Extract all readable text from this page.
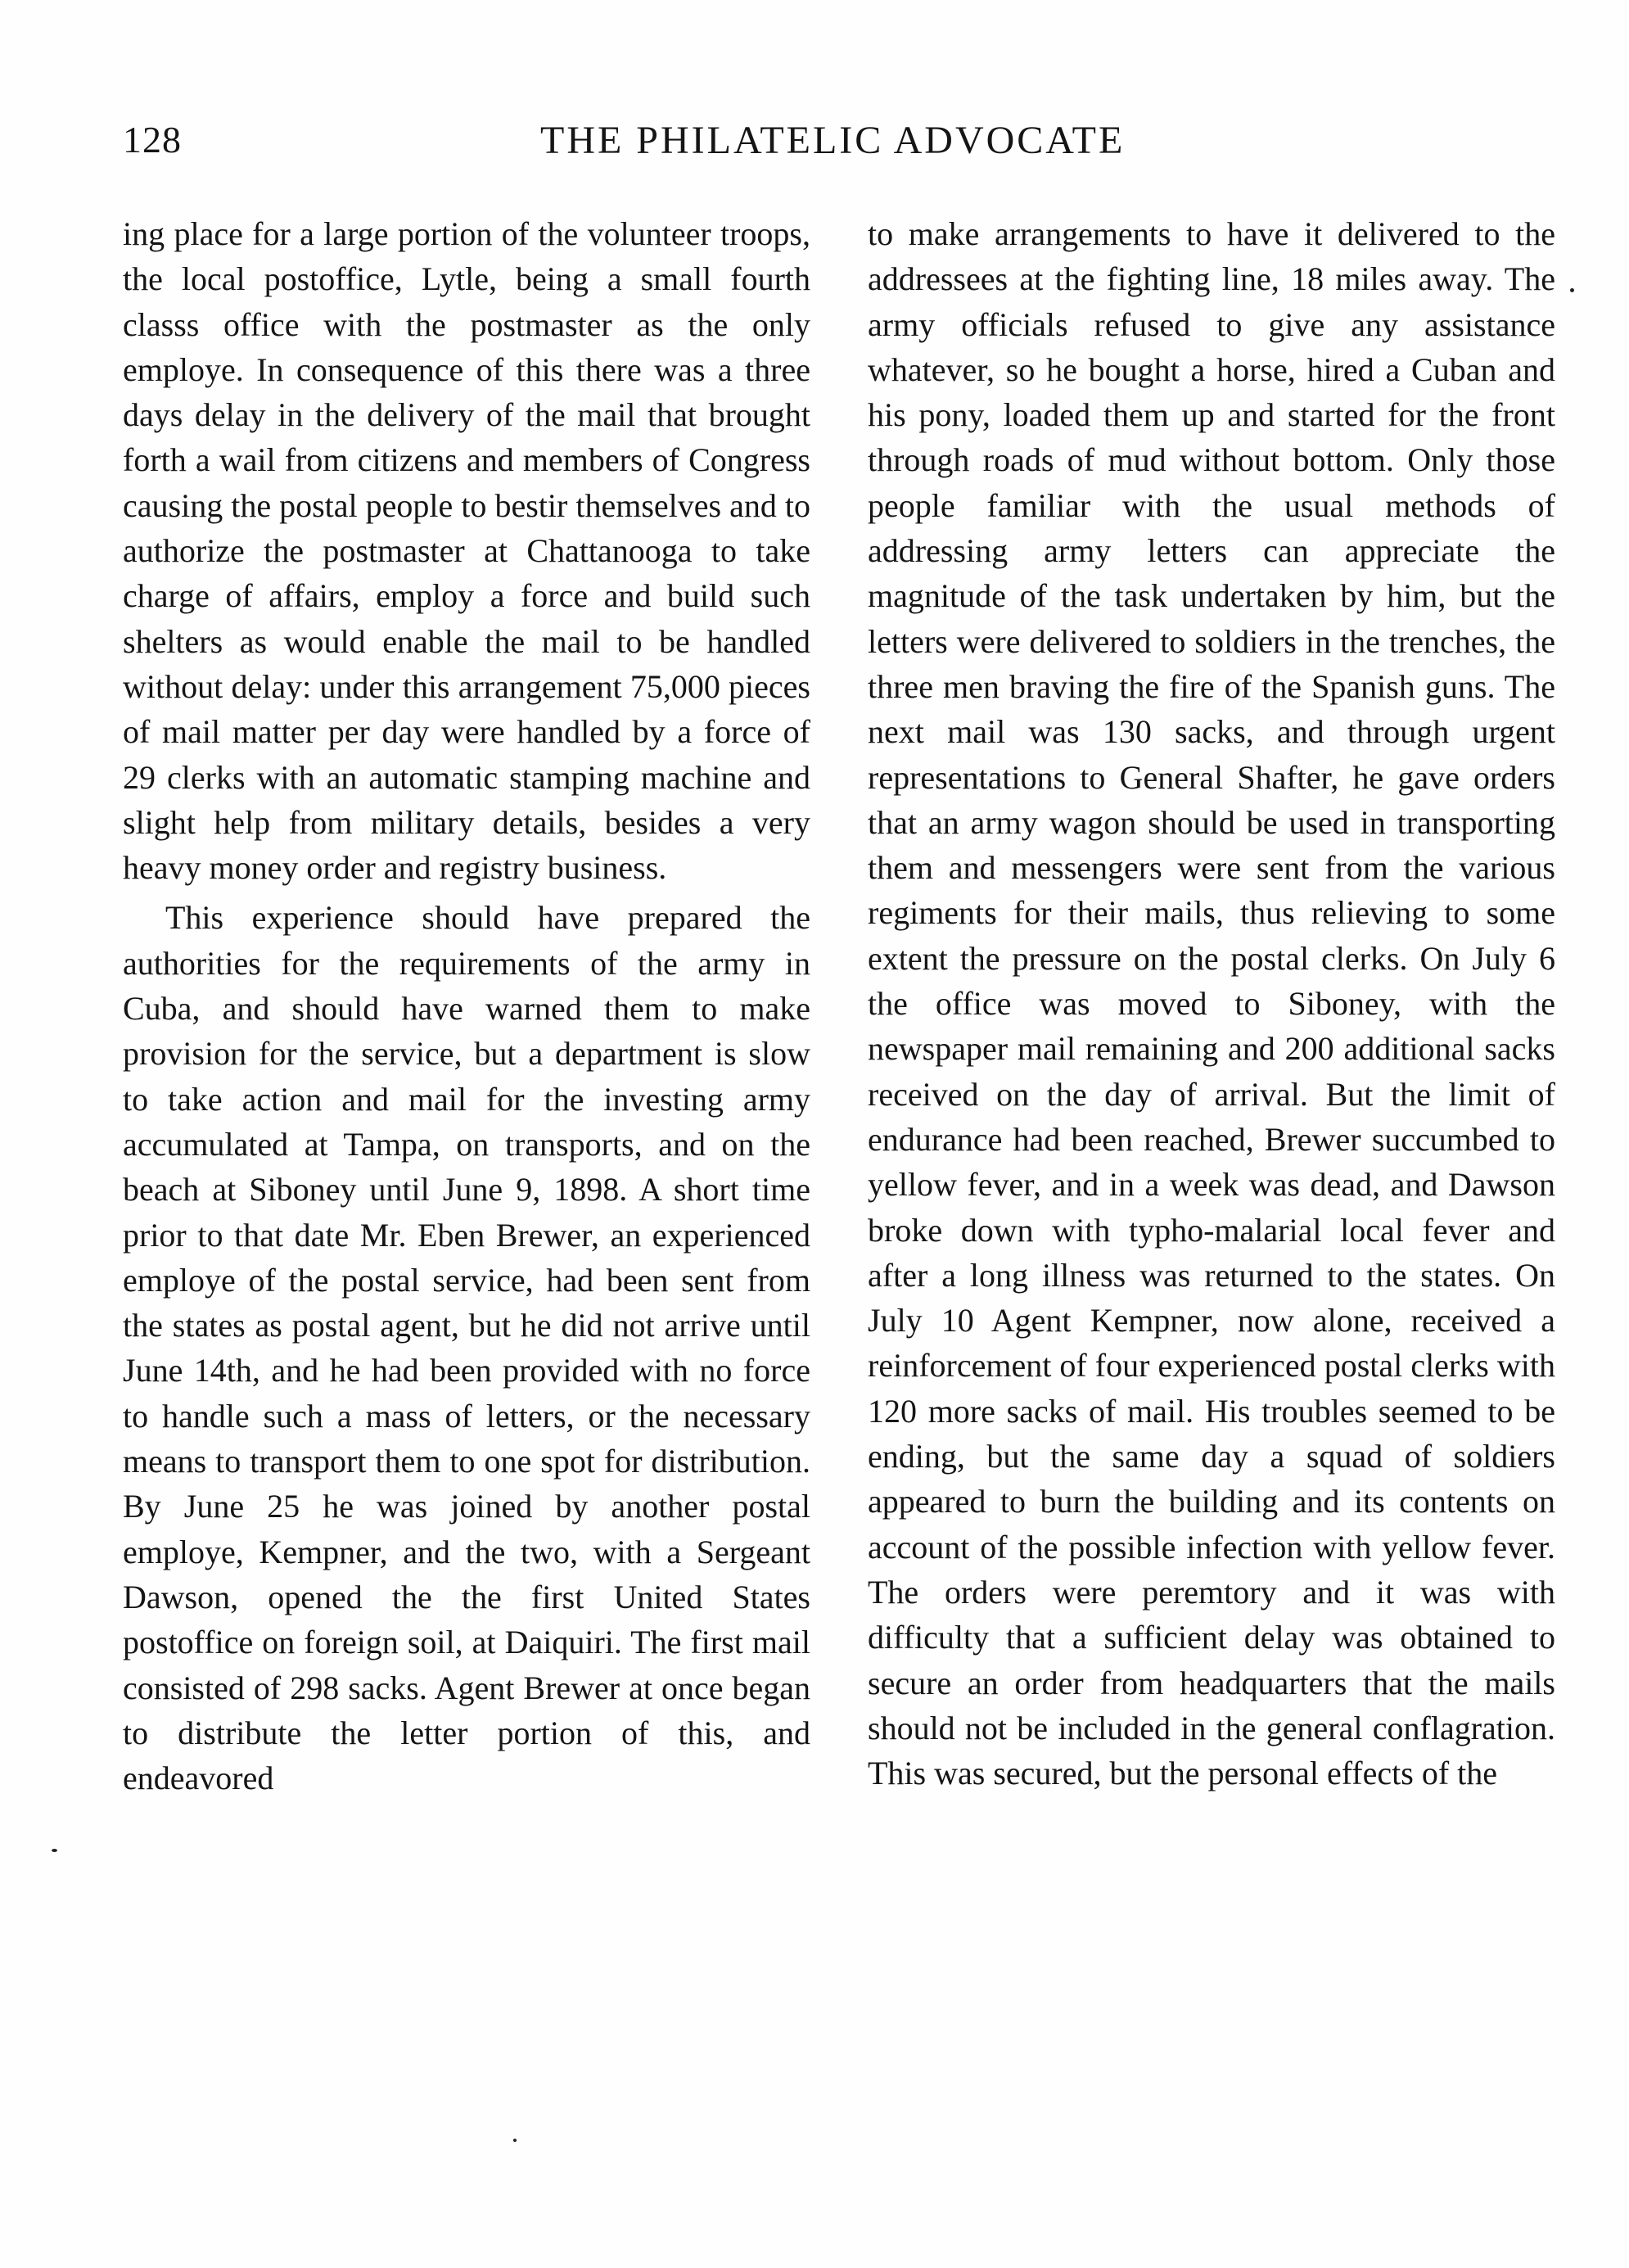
128	THE PHILATELIC ADVOCATE

ing place for a large portion of the volunteer troops, the local postoffice, Lytle, being a small fourth classs office with the postmaster as the only employe. In consequence of this there was a three days delay in the delivery of the mail that brought forth a wail from citizens and members of Congress causing the postal people to bestir themselves and to authorize the postmaster at Chattanooga to take charge of affairs, employ a force and build such shelters as would enable the mail to be handled without delay: under this arrangement 75,000 pieces of mail matter per day were handled by a force of 29 clerks with an automatic stamping machine and slight help from military details, besides a very heavy money order and registry business.

This experience should have prepared the authorities for the requirements of the army in Cuba, and should have warned them to make provision for the service, but a department is slow to take action and mail for the investing army accumulated at Tampa, on transports, and on the beach at Siboney until June 9, 1898. A short time prior to that date Mr. Eben Brewer, an experienced employe of the postal service, had been sent from the states as postal agent, but he did not arrive until June 14th, and he had been provided with no force to handle such a mass of letters, or the necessary means to transport them to one spot for distribution. By June 25 he was joined by another postal employe, Kempner, and the two, with a Sergeant Dawson, opened the the first United States postoffice on foreign soil, at Daiquiri. The first mail consisted of 298 sacks. Agent Brewer at once began to distribute the letter portion of this, and endeavored

to make arrangements to have it delivered to the addressees at the fighting line, 18 miles away. The army officials refused to give any assistance whatever, so he bought a horse, hired a Cuban and his pony, loaded them up and started for the front through roads of mud without bottom. Only those people familiar with the usual methods of addressing army letters can appreciate the magnitude of the task undertaken by him, but the letters were delivered to soldiers in the trenches, the three men braving the fire of the Spanish guns. The next mail was 130 sacks, and through urgent representations to General Shafter, he gave orders that an army wagon should be used in transporting them and messengers were sent from the various regiments for their mails, thus relieving to some extent the pressure on the postal clerks. On July 6 the office was moved to Siboney, with the newspaper mail remaining and 200 additional sacks received on the day of arrival. But the limit of endurance had been reached, Brewer succumbed to yellow fever, and in a week was dead, and Dawson broke down with typho-malarial local fever and after a long illness was returned to the states. On July 10 Agent Kempner, now alone, received a reinforcement of four experienced postal clerks with 120 more sacks of mail. His troubles seemed to be ending, but the same day a squad of soldiers appeared to burn the building and its contents on account of the possible infection with yellow fever. The orders were peremtory and it was with difficulty that a sufficient delay was obtained to secure an order from headquarters that the mails should not be included in the general conflagration. This was secured, but the personal effects of the
